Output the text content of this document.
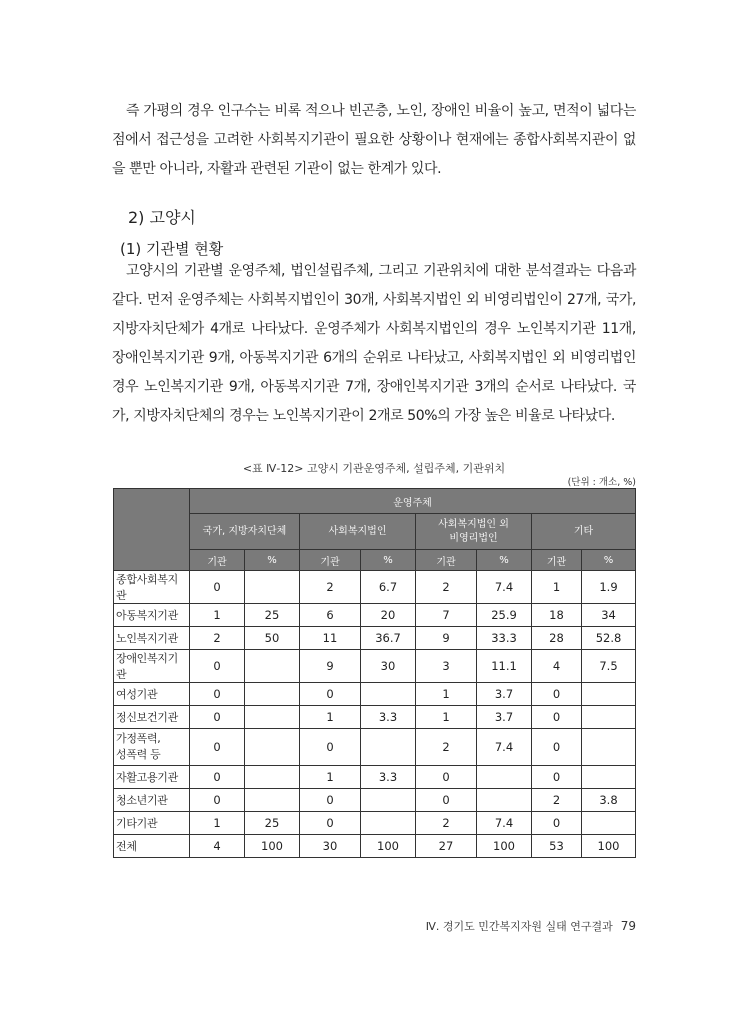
즉 가평의 경우 인구수는 비록 적으나 빈곤층, 노인, 장애인 비율이 높고, 면적이 넓다는 점에서 접근성을 고려한 사회복지기관이 필요한 상황이나 현재에는 종합사회복지관이 없을 뿐만 아니라, 자활과 관련된 기관이 없는 한계가 있다.

2) 고양시
(1) 기관별 현황

고양시의 기관별 운영주체, 법인설립주체, 그리고 기관위치에 대한 분석결과는 다음과 같다. 먼저 운영주체는 사회복지법인이 30개, 사회복지법인 외 비영리법인이 27개, 국가, 지방자치단체가 4개로 나타났다. 운영주체가 사회복지법인의 경우 노인복지기관 11개, 장애인복지기관 9개, 아동복지기관 6개의 순위로 나타났고, 사회복지법인 외 비영리법인 경우 노인복지기관 9개, 아동복지기관 7개, 장애인복지기관 3개의 순서로 나타났다. 국가, 지방자치단체의 경우는 노인복지기관이 2개로 50%의 가장 높은 비율로 나타났다.

<표 Ⅳ-12> 고양시 기관운영주체, 설립주체, 기관위치
(단위 : 개소, %)
	운영주체							
	국가, 지방자치단체		사회복지법인		사회복지법인 외
비영리법인		기타	
	기관	%	기관	%	기관	%	기관	%
종합사회복지관	0		2	6.7	2	7.4	1	1.9
아동복지기관	1	25	6	20	7	25.9	18	34
노인복지기관	2	50	11	36.7	9	33.3	28	52.8
장애인복지기관	0		9	30	3	11.1	4	7.5
여성기관	0		0		1	3.7	0	
정신보건기관	0		1	3.3	1	3.7	0	
가정폭력,
성폭력 등	0		0		2	7.4	0	
자활고용기관	0		1	3.3	0		0	
청소년기관	0		0		0		2	3.8
기타기관	1	25	0		2	7.4	0	
전체	4	100	30	100	27	100	53	100
Ⅳ. 경기도 민간복지자원 실태 연구결과 79
